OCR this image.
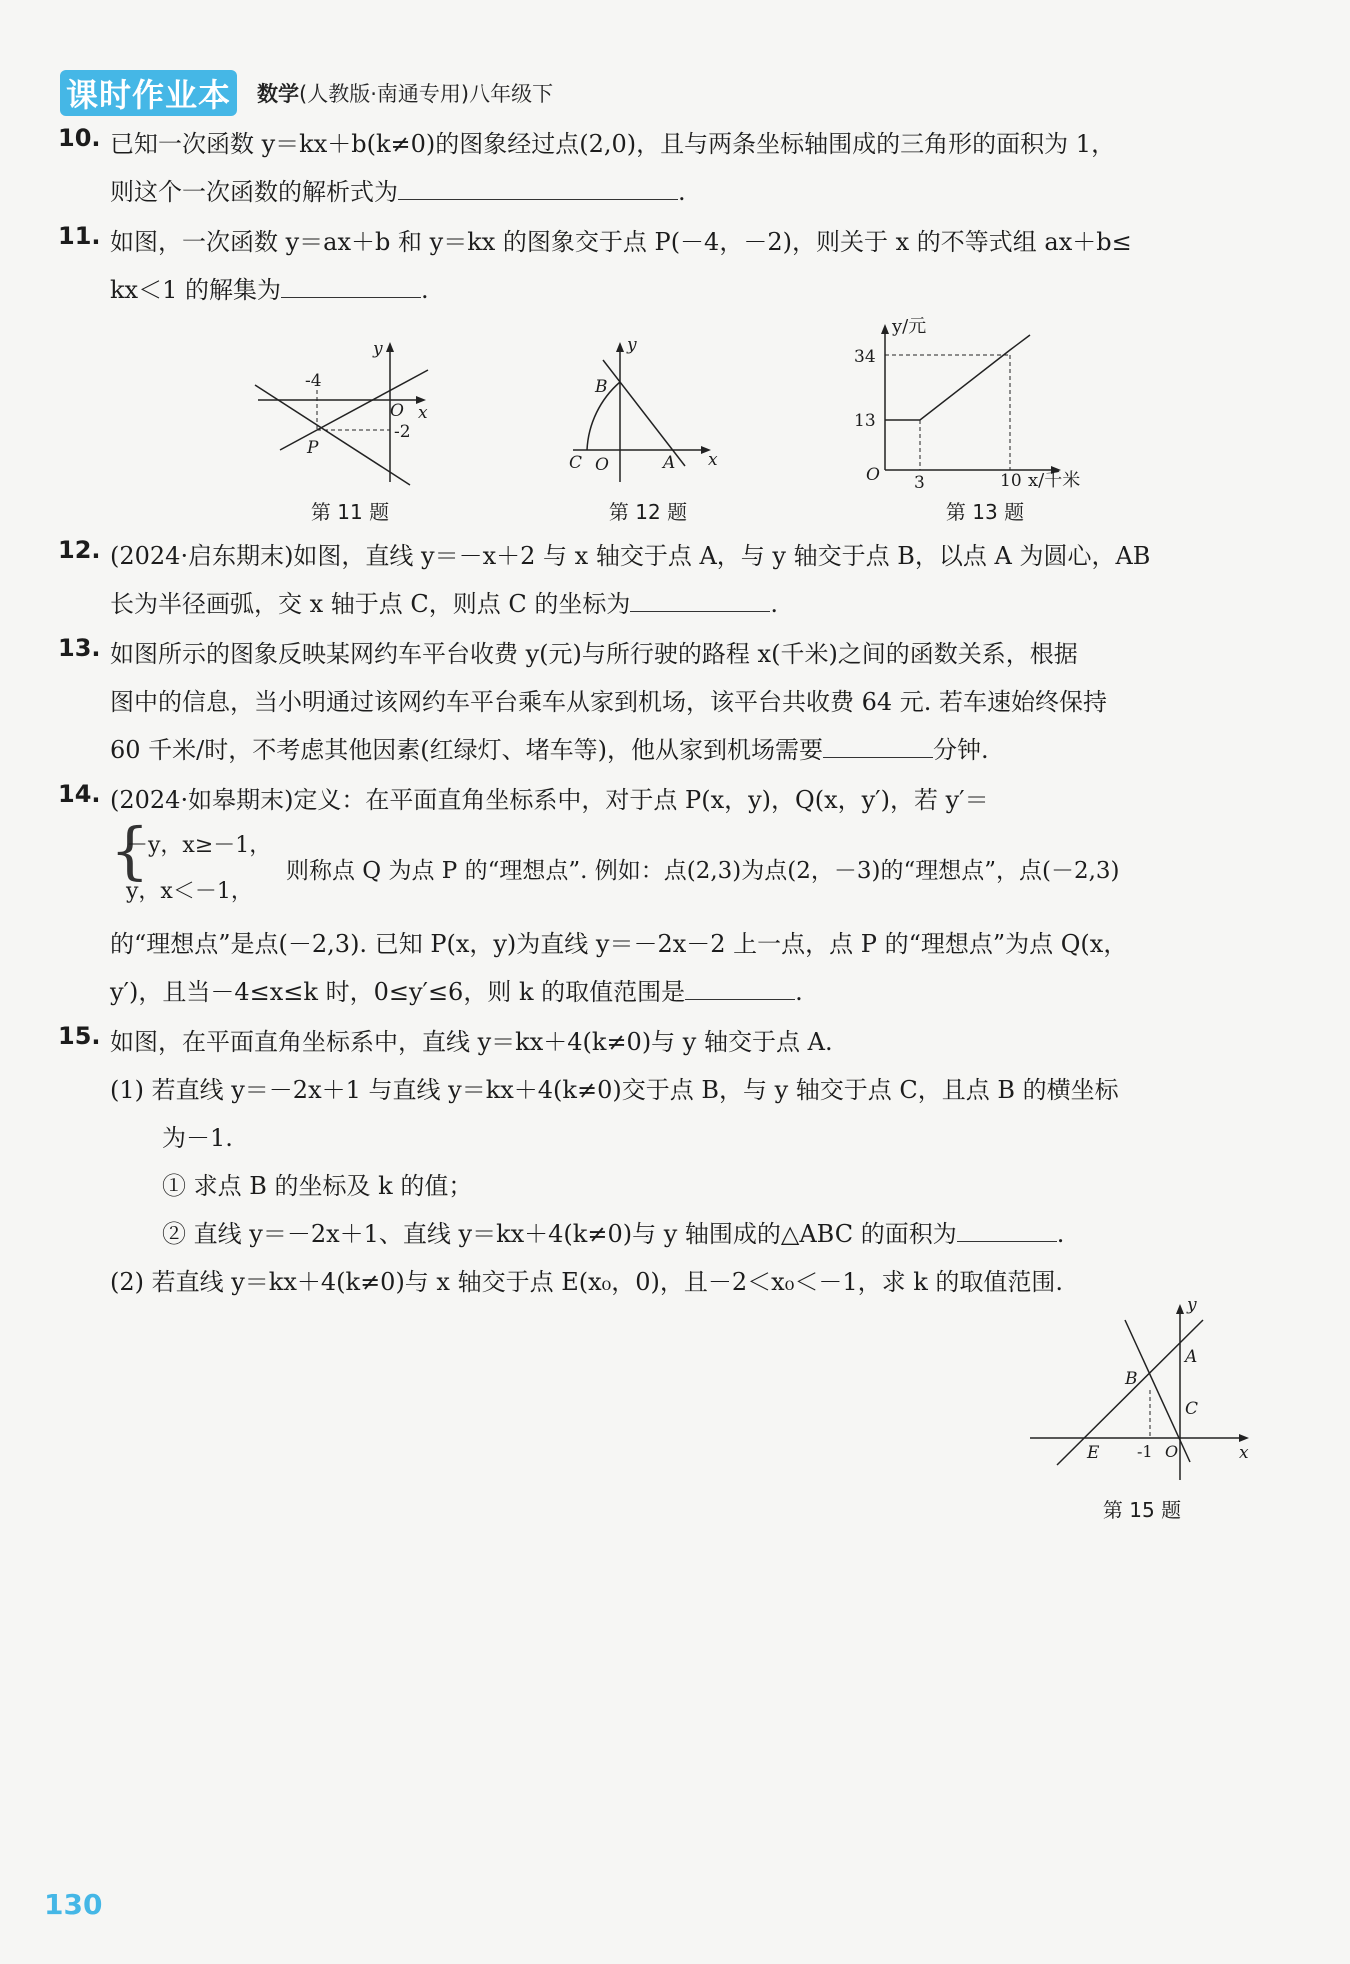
课时作业本 数学(人教版·南通专用)八年级下
10. 已知一次函数 y＝kx＋b(k≠0)的图象经过点(2,0)，且与两条坐标轴围成的三角形的面积为 1，
则这个一次函数的解析式为	.
11. 如图，一次函数 y＝ax＋b 和 y＝kx 的图象交于点 P(－4，－2)，则关于 x 的不等式组 ax＋b≤
kx＜1 的解集为	.
y
x
O
-4
-2
P
第 11 题
y
x
B
A
C O
第 12 题
y/元
x/千米
O
34
13
3	10
第 13 题
12. (2024·启东期末)如图，直线 y＝－x＋2 与 x 轴交于点 A，与 y 轴交于点 B，以点 A 为圆心，AB
长为半径画弧，交 x 轴于点 C，则点 C 的坐标为	.
13. 如图所示的图象反映某网约车平台收费 y(元)与所行驶的路程 x(千米)之间的函数关系，根据
图中的信息，当小明通过该网约车平台乘车从家到机场，该平台共收费 64 元. 若车速始终保持
60 千米/时，不考虑其他因素(红绿灯、堵车等)，他从家到机场需要	分钟.
14. (2024·如皋期末)定义：在平面直角坐标系中，对于点 P(x，y)，Q(x，y′)，若 y′＝
{
－y，x≥－1，
y，x＜－1，
则称点 Q 为点 P 的“理想点”. 例如：点(2,3)为点(2，－3)的“理想点”，点(－2,3)
的“理想点”是点(－2,3). 已知 P(x，y)为直线 y＝－2x－2 上一点，点 P 的“理想点”为点 Q(x，
y′)，且当－4≤x≤k 时，0≤y′≤6，则 k 的取值范围是	.
15. 如图，在平面直角坐标系中，直线 y＝kx＋4(k≠0)与 y 轴交于点 A.
(1) 若直线 y＝－2x＋1 与直线 y＝kx＋4(k≠0)交于点 B，与 y 轴交于点 C，且点 B 的横坐标
为－1.
① 求点 B 的坐标及 k 的值；
② 直线 y＝－2x＋1、直线 y＝kx＋4(k≠0)与 y 轴围成的△ABC 的面积为	.
(2) 若直线 y＝kx＋4(k≠0)与 x 轴交于点 E(x₀，0)，且－2＜x₀＜－1，求 k 的取值范围.
y
x
A
B
C
E -1 O
第 15 题
130
